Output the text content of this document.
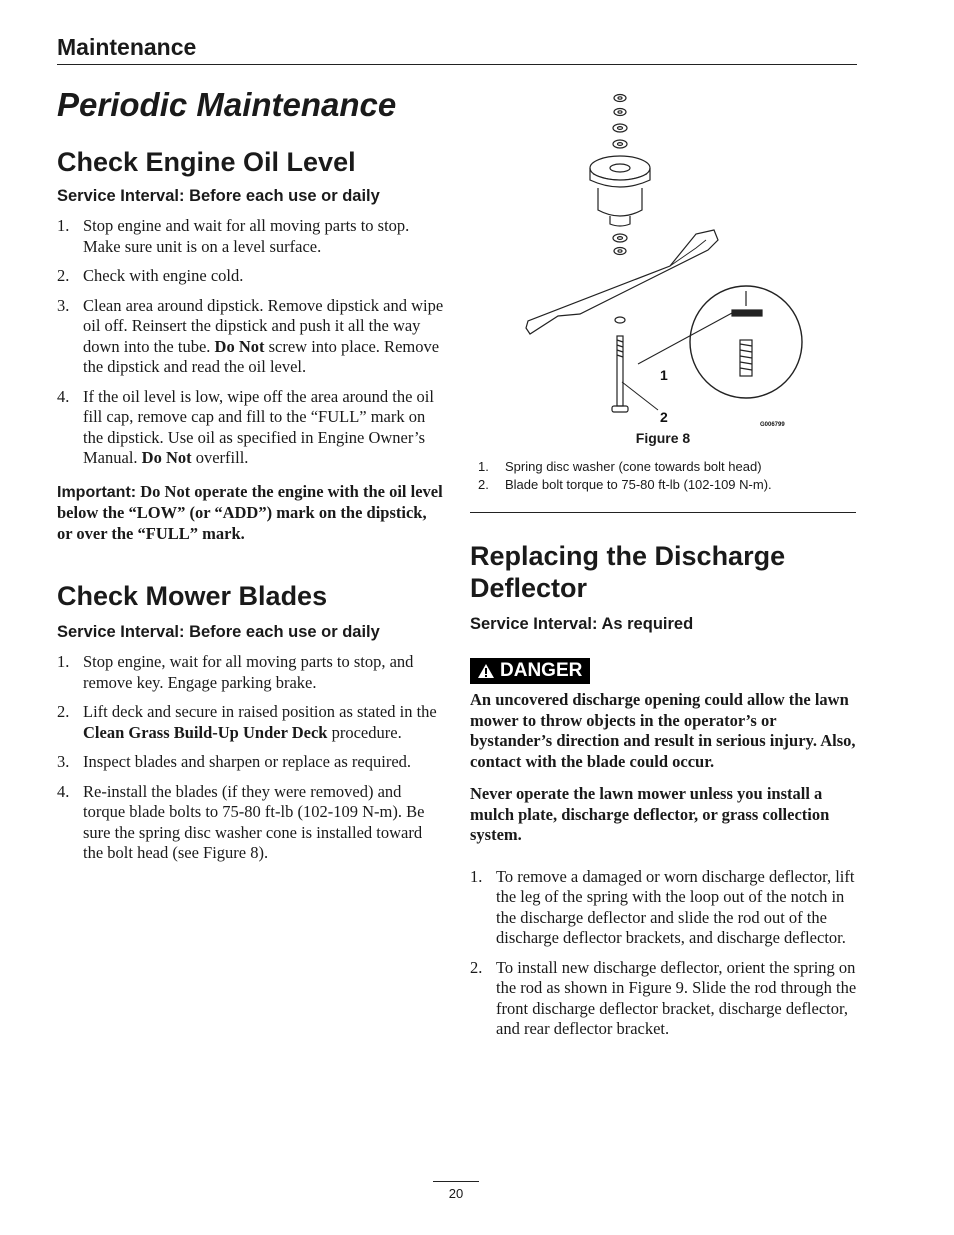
Maintenance
Periodic Maintenance
Check Engine Oil Level
Service Interval: Before each use or daily
1. Stop engine and wait for all moving parts to stop. Make sure unit is on a level surface.
2. Check with engine cold.
3. Clean area around dipstick. Remove dipstick and wipe oil off. Reinsert the dipstick and push it all the way down into the tube. Do Not screw into place. Remove the dipstick and read the oil level.
4. If the oil level is low, wipe off the area around the oil fill cap, remove cap and fill to the “FULL” mark on the dipstick. Use oil as specified in Engine Owner’s Manual. Do Not overfill.
Important: Do Not operate the engine with the oil level below the “LOW” (or “ADD”) mark on the dipstick, or over the “FULL” mark.
Check Mower Blades
Service Interval: Before each use or daily
1. Stop engine, wait for all moving parts to stop, and remove key. Engage parking brake.
2. Lift deck and secure in raised position as stated in the Clean Grass Build-Up Under Deck procedure.
3. Inspect blades and sharpen or replace as required.
4. Re-install the blades (if they were removed) and torque blade bolts to 75-80 ft-lb (102-109 N-m). Be sure the spring disc washer cone is installed toward the bolt head (see Figure 8).
1
2	G006799
Figure 8
1. Spring disc washer (cone towards bolt head)
2. Blade bolt torque to 75-80 ft-lb (102-109 N-m).
Replacing the Discharge
Deflector
Service Interval: As required
DANGER

An uncovered discharge opening could allow the lawn mower to throw objects in the operator’s or bystander’s direction and result in serious injury. Also, contact with the blade could occur.

Never operate the lawn mower unless you install a mulch plate, discharge deflector, or grass collection system.

1. To remove a damaged or worn discharge deflector, lift the leg of the spring with the loop out of the notch in the discharge deflector and slide the rod out of the discharge deflector brackets, and discharge deflector.
2. To install new discharge deflector, orient the spring on the rod as shown in Figure 9. Slide the rod through the front discharge deflector bracket, discharge deflector, and rear deflector bracket.
20
